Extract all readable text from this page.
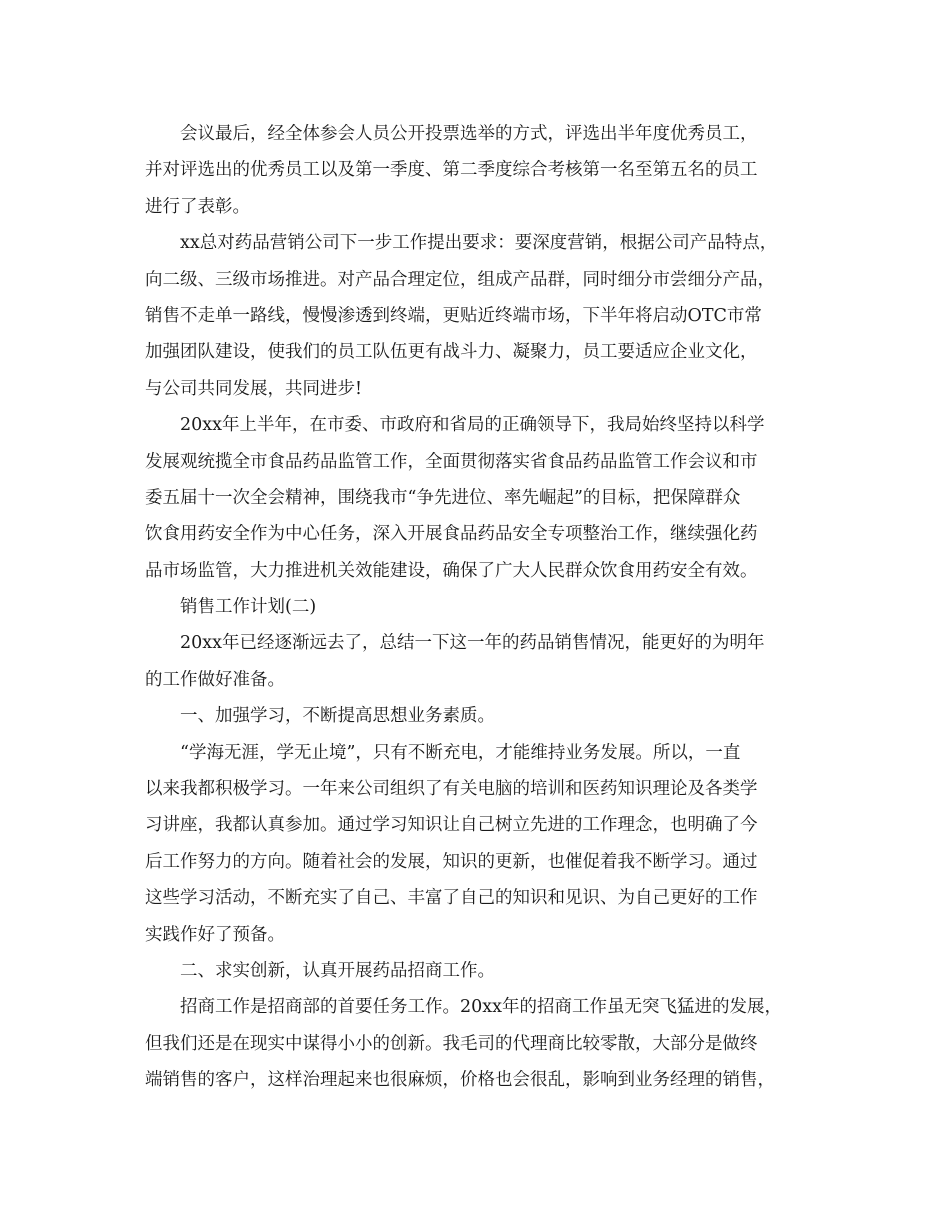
会议最后，经全体参会人员公开投票选举的方式，评选出半年度优秀员工，
并对评选出的优秀员工以及第一季度、第二季度综合考核第一名至第五名的员工
进行了表彰。
xx总对药品营销公司下一步工作提出要求：要深度营销，根据公司产品特点，
向二级、三级市场推进。对产品合理定位，组成产品群，同时细分市尝细分产品，
销售不走单一路线，慢慢渗透到终端，更贴近终端市场，下半年将启动OTC市常
加强团队建设，使我们的员工队伍更有战斗力、凝聚力，员工要适应企业文化，
与公司共同发展，共同进步!
20xx年上半年，在市委、市政府和省局的正确领导下，我局始终坚持以科学
发展观统揽全市食品药品监管工作，全面贯彻落实省食品药品监管工作会议和市
委五届十一次全会精神，围绕我市“争先进位、率先崛起”的目标，把保障群众
饮食用药安全作为中心任务，深入开展食品药品安全专项整治工作，继续强化药
品市场监管，大力推进机关效能建设，确保了广大人民群众饮食用药安全有效。
销售工作计划(二)
20xx年已经逐渐远去了，总结一下这一年的药品销售情况，能更好的为明年
的工作做好准备。
一、加强学习，不断提高思想业务素质。
“学海无涯，学无止境”，只有不断充电，才能维持业务发展。所以，一直
以来我都积极学习。一年来公司组织了有关电脑的培训和医药知识理论及各类学
习讲座，我都认真参加。通过学习知识让自己树立先进的工作理念，也明确了今
后工作努力的方向。随着社会的发展，知识的更新，也催促着我不断学习。通过
这些学习活动，不断充实了自己、丰富了自己的知识和见识、为自己更好的工作
实践作好了预备。
二、求实创新，认真开展药品招商工作。
招商工作是招商部的首要任务工作。20xx年的招商工作虽无突飞猛进的发展，
但我们还是在现实中谋得小小的创新。我毛司的代理商比较零散，大部分是做终
端销售的客户，这样治理起来也很麻烦，价格也会很乱，影响到业务经理的销售，
